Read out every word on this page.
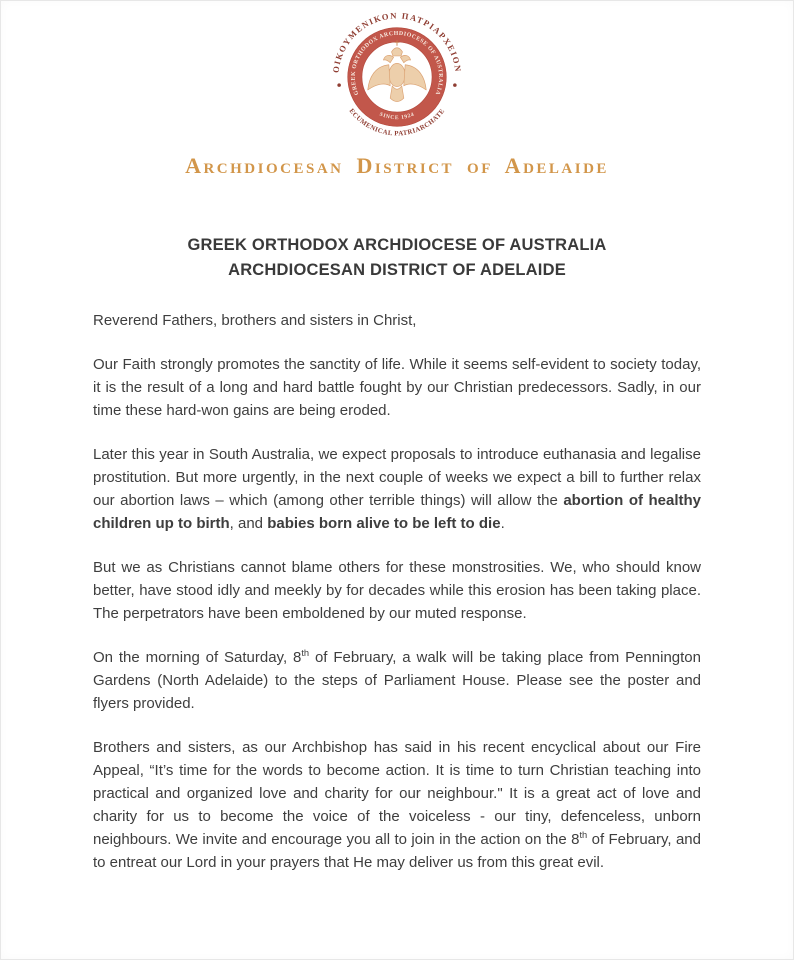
ΟΙΚΟΥΜΕΝΙΚΟΝ ΠΑΤΡΙΑΡΧΕΙΟΝ
ECUMENICAL PATRIARCHATE
GREEK ORTHODOX ARCHDIOCESE OF AUSTRALIA
SINCE 1924
Archdiocesan District of Adelaide
GREEK ORTHODOX ARCHDIOCESE OF AUSTRALIA
ARCHDIOCESAN DISTRICT OF ADELAIDE

Reverend Fathers, brothers and sisters in Christ,

Our Faith strongly promotes the sanctity of life. While it seems self-evident to society today, it is the result of a long and hard battle fought by our Christian predecessors. Sadly, in our time these hard-won gains are being eroded.

Later this year in South Australia, we expect proposals to introduce euthanasia and legalise prostitution. But more urgently, in the next couple of weeks we expect a bill to further relax our abortion laws – which (among other terrible things) will allow the abortion of healthy children up to birth, and babies born alive to be left to die.

But we as Christians cannot blame others for these monstrosities. We, who should know better, have stood idly and meekly by for decades while this erosion has been taking place. The perpetrators have been emboldened by our muted response.

On the morning of Saturday, 8th of February, a walk will be taking place from Pennington Gardens (North Adelaide) to the steps of Parliament House. Please see the poster and flyers provided.

Brothers and sisters, as our Archbishop has said in his recent encyclical about our Fire Appeal, “It’s time for the words to become action. It is time to turn Christian teaching into practical and organized love and charity for our neighbour." It is a great act of love and charity for us to become the voice of the voiceless - our tiny, defenceless, unborn neighbours. We invite and encourage you all to join in the action on the 8th of February, and to entreat our Lord in your prayers that He may deliver us from this great evil.
